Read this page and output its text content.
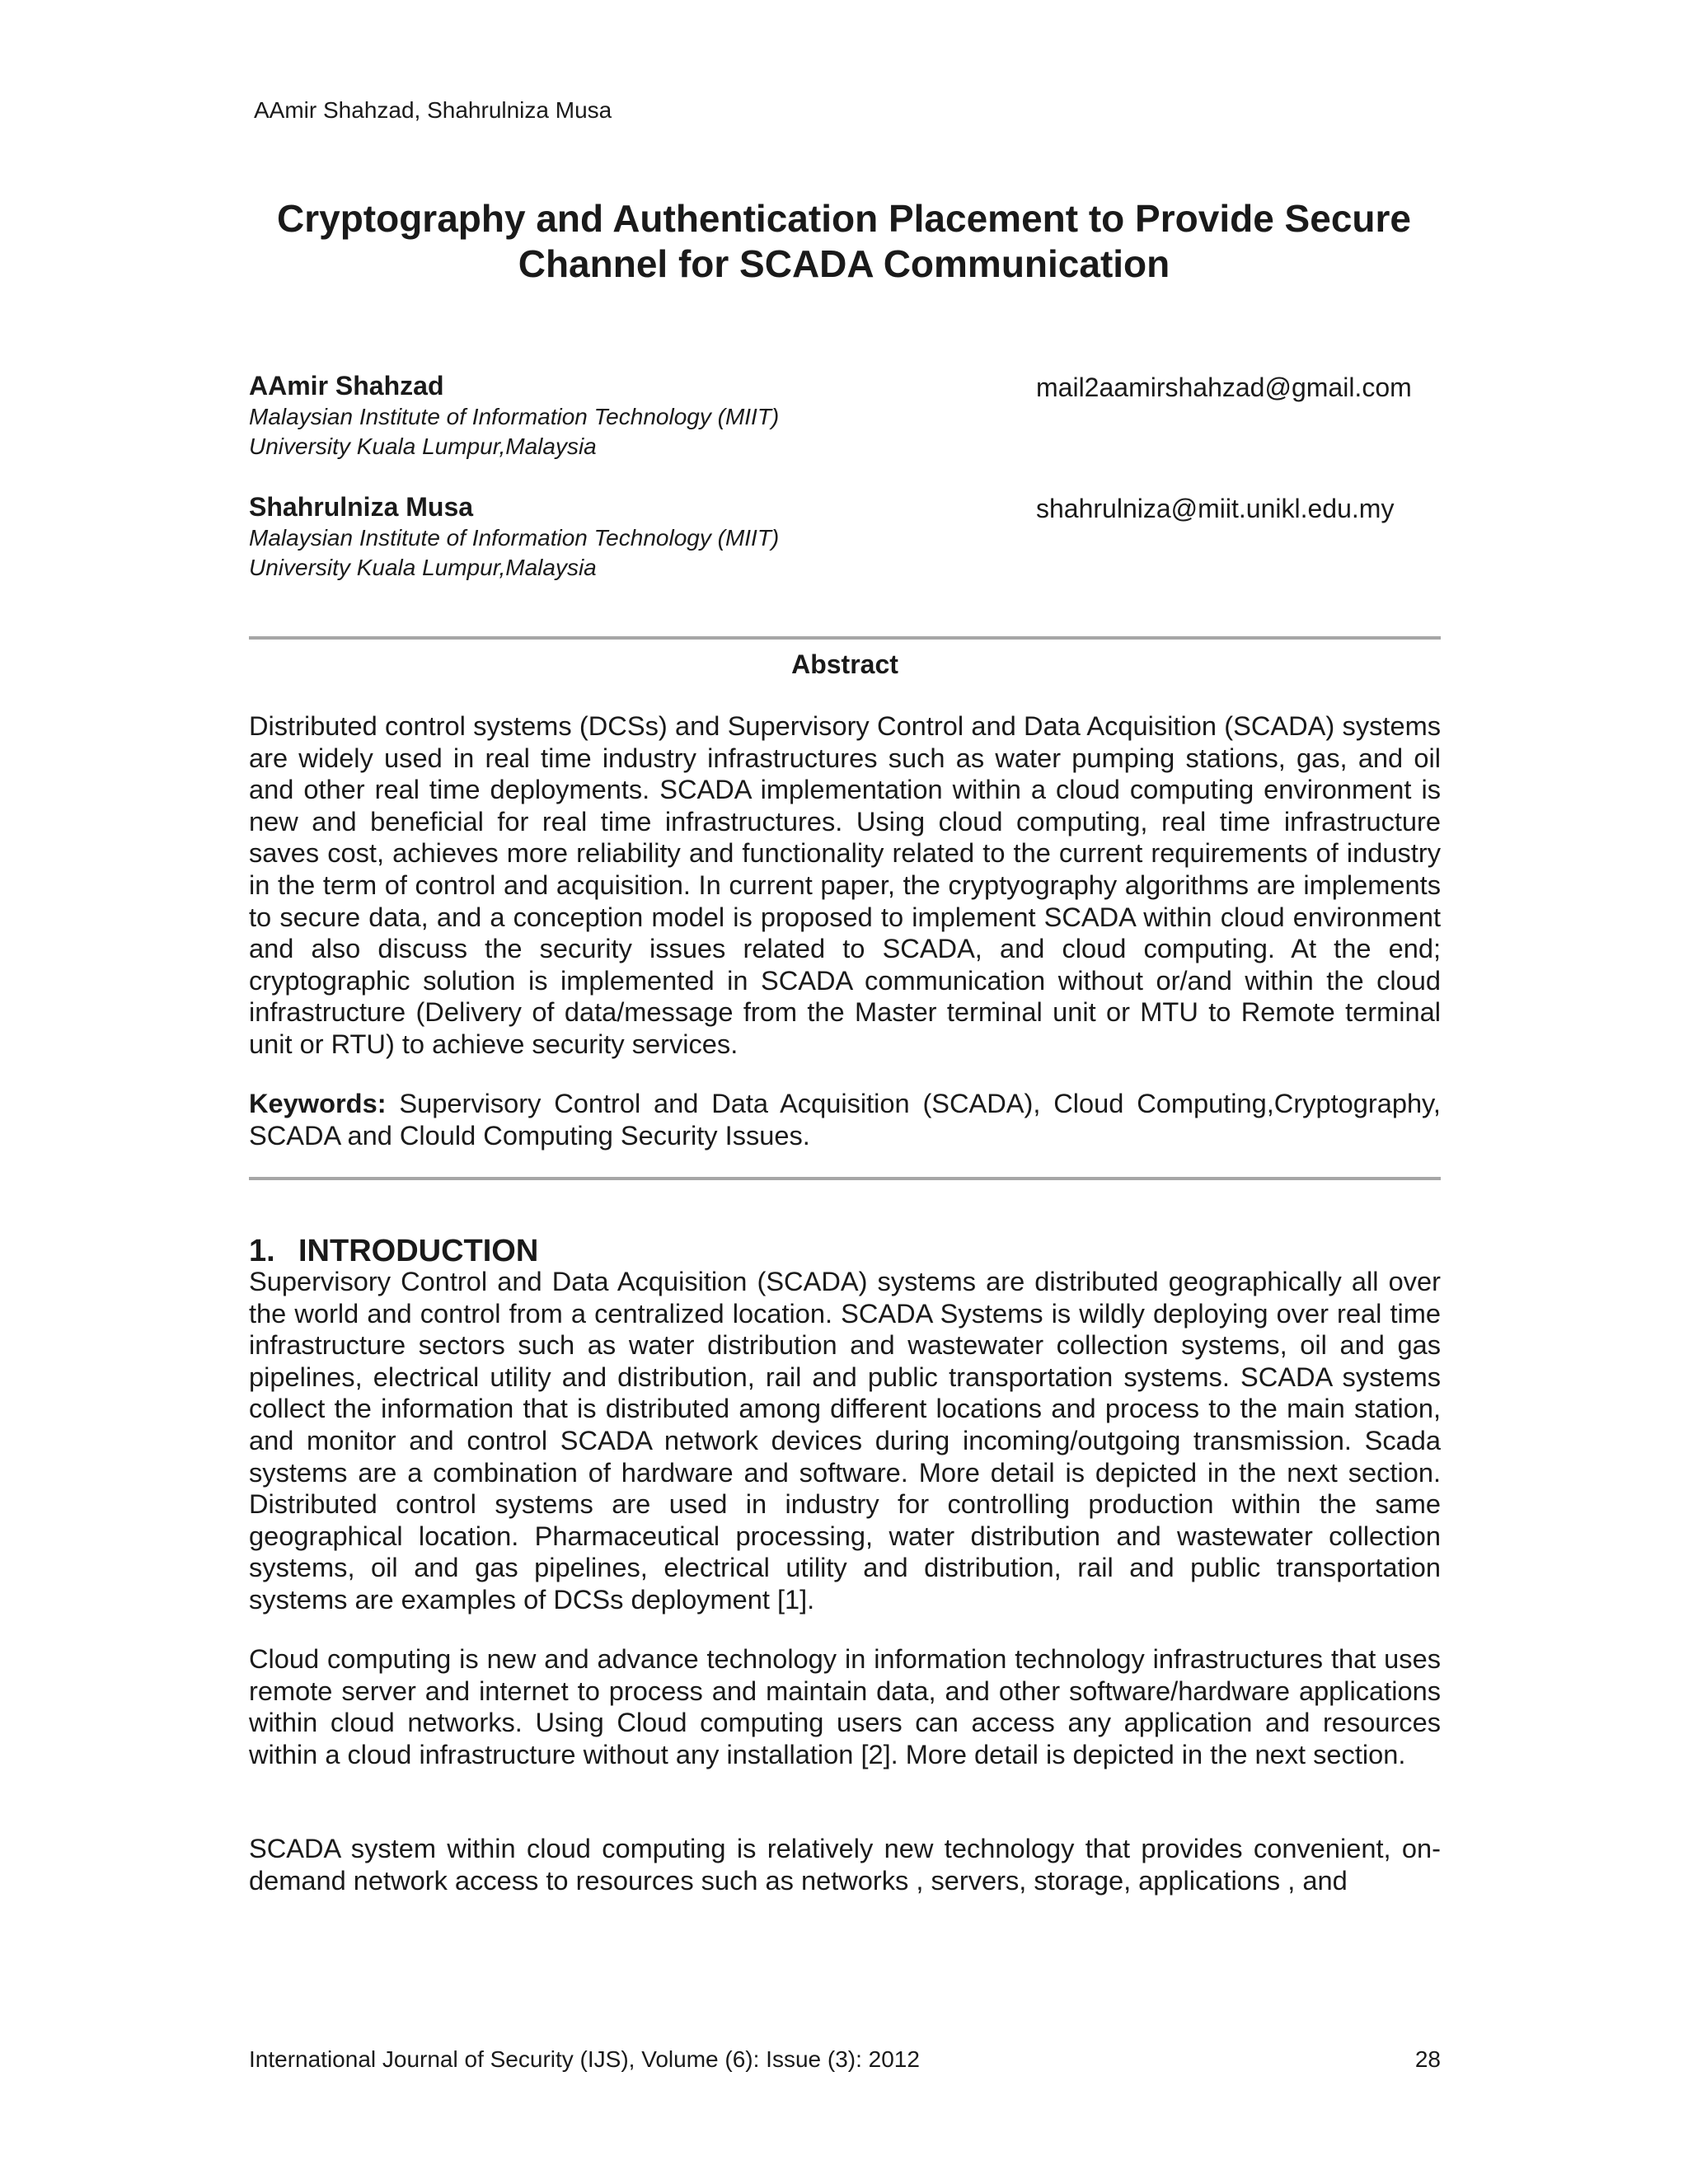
AAmir Shahzad, Shahrulniza Musa
Cryptography and Authentication Placement to Provide Secure
Channel for SCADA Communication
AAmir Shahzad
Malaysian Institute of Information Technology (MIIT)
University Kuala Lumpur,Malaysia
mail2aamirshahzad@gmail.com
Shahrulniza Musa
Malaysian Institute of Information Technology (MIIT)
University Kuala Lumpur,Malaysia
shahrulniza@miit.unikl.edu.my
Abstract
Distributed control systems (DCSs) and Supervisory Control and Data Acquisition (SCADA) systems are widely used in real time industry infrastructures such as water pumping stations, gas, and oil and other real time deployments. SCADA implementation within a cloud computing environment is new and beneficial for real time infrastructures. Using cloud computing, real time infrastructure saves cost, achieves more reliability and functionality related to the current requirements of industry in the term of control and acquisition. In current paper, the cryptyography algorithms are implements to secure data, and a conception model is proposed to implement SCADA within cloud environment and also discuss the security issues related to SCADA, and cloud computing. At the end; cryptographic solution is implemented in SCADA communication without or/and within the cloud infrastructure (Delivery of data/message from the Master terminal unit or MTU to Remote terminal unit or RTU) to achieve security services.
Keywords: Supervisory Control and Data Acquisition (SCADA), Cloud Computing,Cryptography, SCADA and Clould Computing Security Issues.
1. INTRODUCTION
Supervisory Control and Data Acquisition (SCADA) systems are distributed geographically all over the world and control from a centralized location. SCADA Systems is wildly deploying over real time infrastructure sectors such as water distribution and wastewater collection systems, oil and gas pipelines, electrical utility and distribution, rail and public transportation systems. SCADA systems collect the information that is distributed among different locations and process to the main station, and monitor and control SCADA network devices during incoming/outgoing transmission. Scada systems are a combination of hardware and software. More detail is depicted in the next section. Distributed control systems are used in industry for controlling production within the same geographical location. Pharmaceutical processing, water distribution and wastewater collection systems, oil and gas pipelines, electrical utility and distribution, rail and public transportation systems are examples of DCSs deployment [1].
Cloud computing is new and advance technology in information technology infrastructures that uses remote server and internet to process and maintain data, and other software/hardware applications within cloud networks. Using Cloud computing users can access any application and resources within a cloud infrastructure without any installation [2]. More detail is depicted in the next section.
SCADA system within cloud computing is relatively new technology that provides convenient, on-
demand network access to resources such as networks , servers, storage, applications , and
International Journal of Security (IJS), Volume (6): Issue (3): 2012	28
